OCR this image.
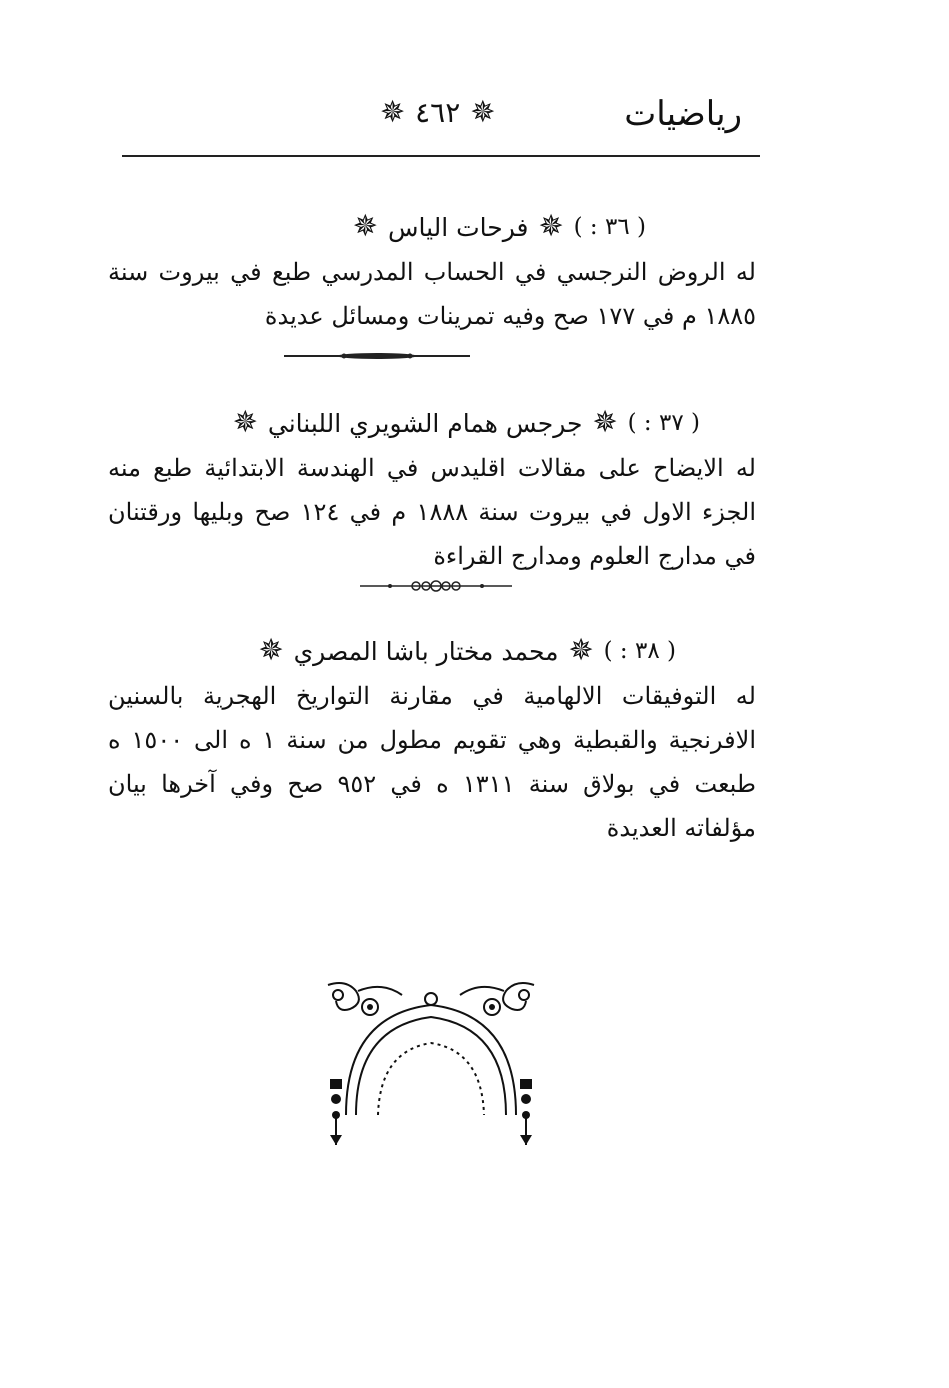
رياضيات
✵
٤٦٢
✵
( ٣٦ : )
✵
فرحات الياس
✵
له الروض النرجسي في الحساب المدرسي طبع في بيروت سنة ١٨٨٥ م في ١٧٧ صح وفيه تمرينات ومسائل عديدة
( ٣٧ : )
✵
جرجس همام الشويري اللبناني
✵
له الايضاح على مقالات اقليدس في الهندسة الابتدائية طبع منه الجزء الاول في بيروت سنة ١٨٨٨ م في ١٢٤ صح وبليها ورقتنان في مدارج العلوم ومدارج القراءة
( ٣٨ : )
✵
محمد مختار باشا المصري
✵
له التوفيقات الالهامية في مقارنة التواريخ الهجرية بالسنين الافرنجية والقبطية وهي تقويم مطول من سنة ١ ه الى ١٥٠٠ ه طبعت في بولاق سنة ١٣١١ ه في ٩٥٢ صح وفي آخرها بيان مؤلفاته العديدة
